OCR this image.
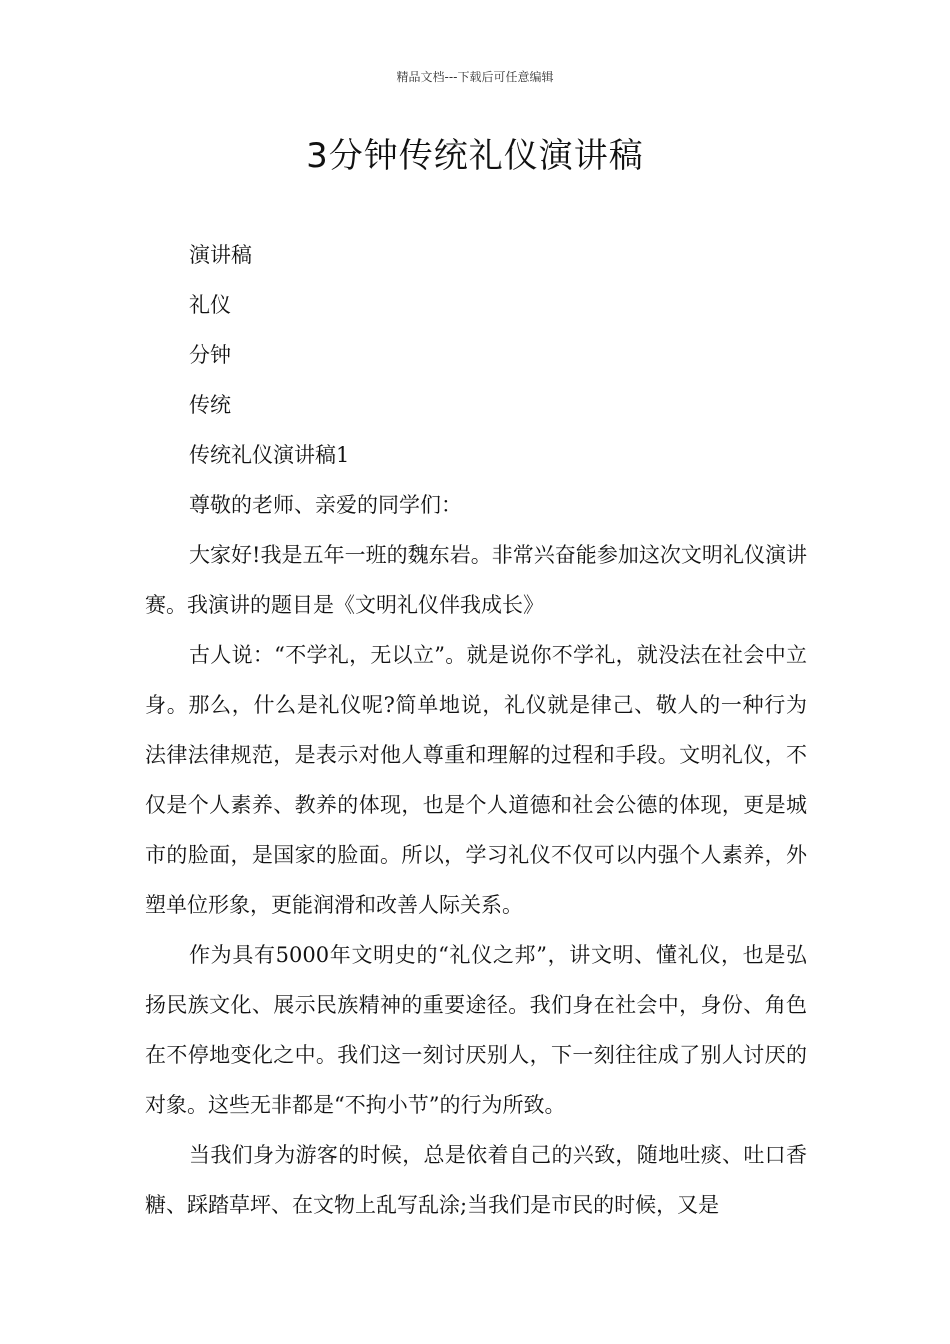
精品文档---下载后可任意编辑
3分钟传统礼仪演讲稿

演讲稿

礼仪

分钟

传统

传统礼仪演讲稿1

尊敬的老师、亲爱的同学们：

大家好!我是五年一班的魏东岩。非常兴奋能参加这次文明礼仪演讲赛。我演讲的题目是《文明礼仪伴我成长》

古人说：“不学礼，无以立”。就是说你不学礼，就没法在社会中立身。那么，什么是礼仪呢?简单地说，礼仪就是律己、敬人的一种行为法律法律规范，是表示对他人尊重和理解的过程和手段。文明礼仪，不仅是个人素养、教养的体现，也是个人道德和社会公德的体现，更是城市的脸面，是国家的脸面。所以，学习礼仪不仅可以内强个人素养，外塑单位形象，更能润滑和改善人际关系。

作为具有5000年文明史的“礼仪之邦”，讲文明、懂礼仪，也是弘扬民族文化、展示民族精神的重要途径。我们身在社会中，身份、角色在不停地变化之中。我们这一刻讨厌别人，下一刻往往成了别人讨厌的对象。这些无非都是“不拘小节”的行为所致。

当我们身为游客的时候，总是依着自己的兴致，随地吐痰、吐口香糖、踩踏草坪、在文物上乱写乱涂;当我们是市民的时候，又是
